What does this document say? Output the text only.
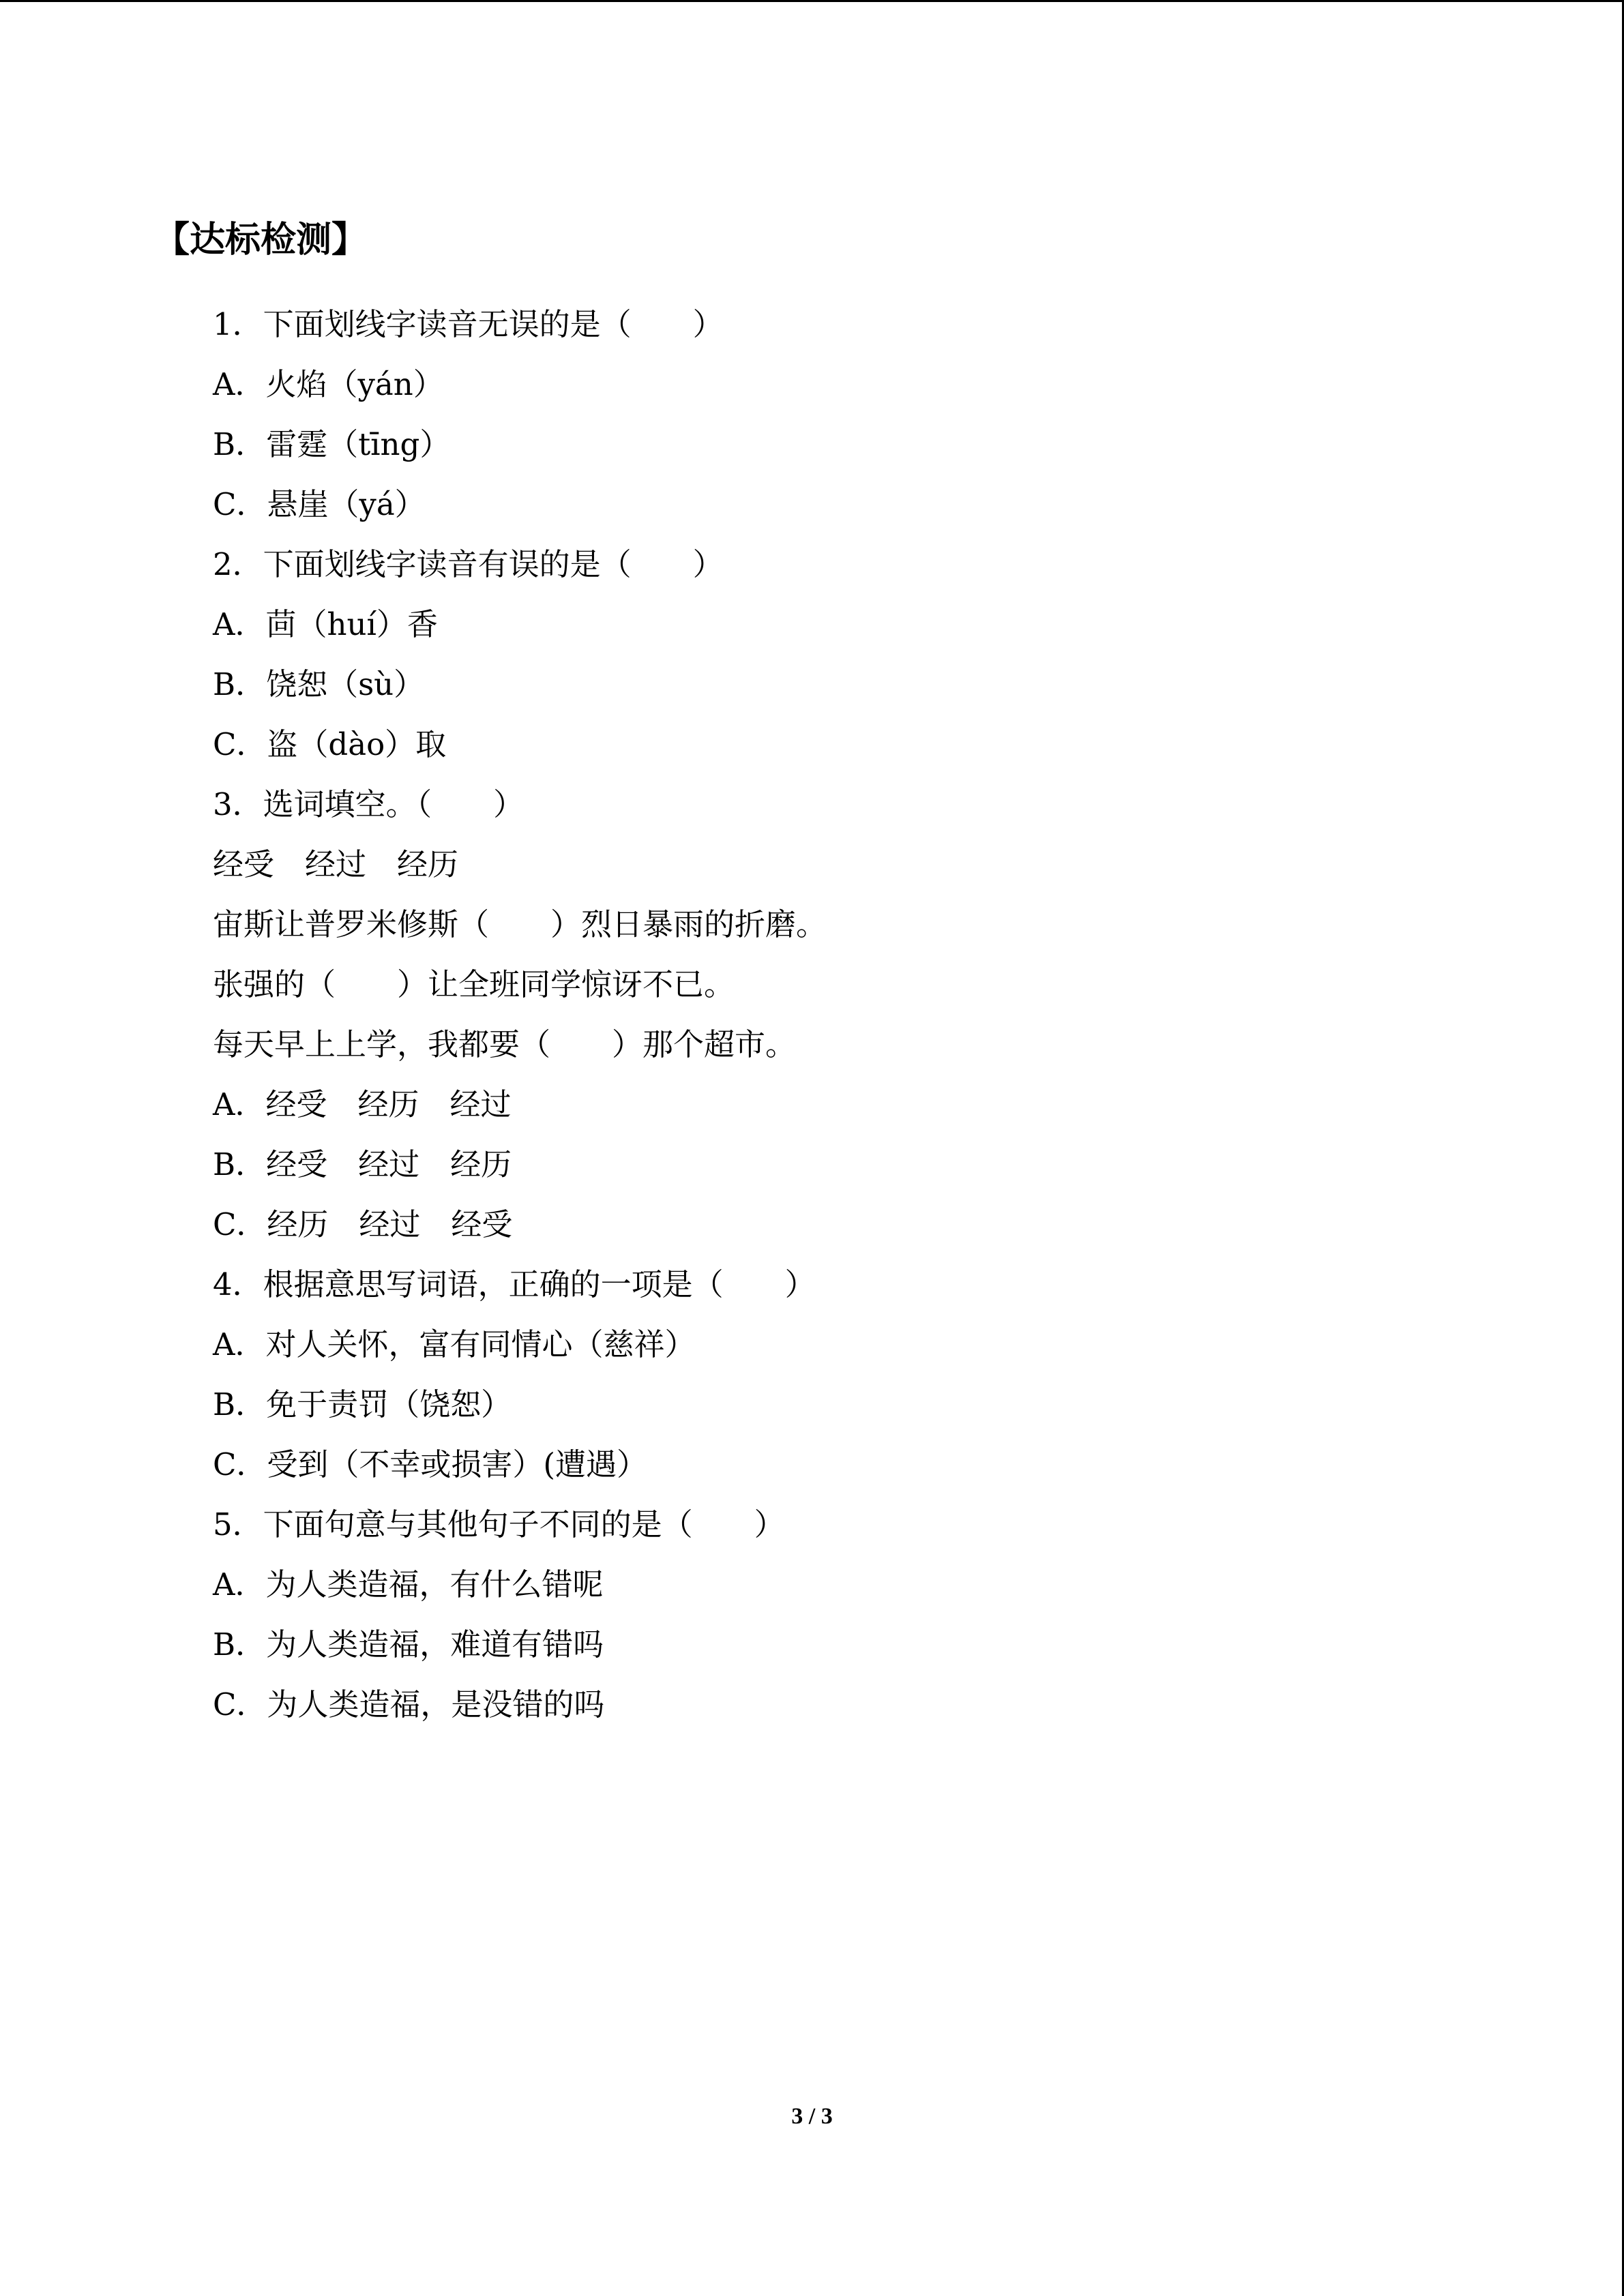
【达标检测】
1．下面划线字读音无误的是（　　）
A．火焰（yán）
B．雷霆（tīng）
C．悬崖（yá）
2．下面划线字读音有误的是（　　）
A．茴（huí）香
B．饶恕（sù）
C．盗（dào）取
3．选词填空。（　　）
经受　经过　经历
宙斯让普罗米修斯（　　）烈日暴雨的折磨。
张强的（　　）让全班同学惊讶不已。
每天早上上学，我都要（　　）那个超市。
A．经受　经历　经过
B．经受　经过　经历
C．经历　经过　经受
4．根据意思写词语，正确的一项是（　　）
A．对人关怀，富有同情心（慈祥）
B．免于责罚（饶恕）
C．受到（不幸或损害）(遭遇）
5．下面句意与其他句子不同的是（　　）
A．为人类造福，有什么错呢
B．为人类造福，难道有错吗
C．为人类造福，是没错的吗
3 / 3
